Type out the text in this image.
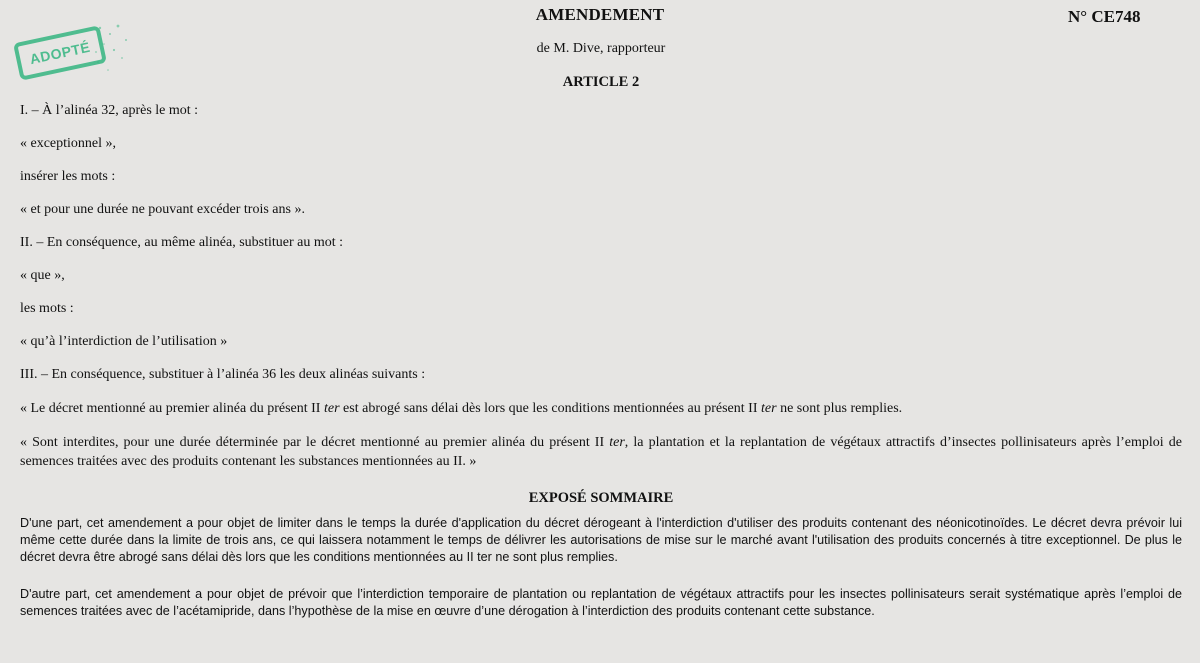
AMENDEMENT	N° CE748
ADOPTÉ	de M. Dive, rapporteur
ARTICLE 2
I. – À l’alinéa 32, après le mot :
« exceptionnel »,
insérer les mots :
« et pour une durée ne pouvant excéder trois ans ».
II. – En conséquence, au même alinéa, substituer au mot :
« que »,
les mots :
« qu’à l’interdiction de l’utilisation »
III. – En conséquence, substituer à l’alinéa 36 les deux alinéas suivants :
« Le décret mentionné au premier alinéa du présent II ter est abrogé sans délai dès lors que les conditions mentionnées au présent II ter ne sont plus remplies.
« Sont interdites, pour une durée déterminée par le décret mentionné au premier alinéa du présent II ter, la plantation et la replantation de végétaux attractifs d’insectes pollinisateurs après l’emploi de semences traitées avec des produits contenant les substances mentionnées au II. »
EXPOSÉ SOMMAIRE
D'une part, cet amendement a pour objet de limiter dans le temps la durée d'application du décret dérogeant à l'interdiction d'utiliser des produits contenant des néonicotinoïdes. Le décret devra prévoir lui même cette durée dans la limite de trois ans, ce qui laissera notamment le temps de délivrer les autorisations de mise sur le marché avant l'utilisation des produits concernés à titre exceptionnel. De plus le décret devra être abrogé sans délai dès lors que les conditions mentionnées au II ter ne sont plus remplies.
D'autre part, cet amendement a pour objet de prévoir que l’interdiction temporaire de plantation ou replantation de végétaux attractifs pour les insectes pollinisateurs serait systématique après l’emploi de semences traitées avec de l’acétamipride, dans l’hypothèse de la mise en œuvre d’une dérogation à l’interdiction des produits contenant cette substance.
